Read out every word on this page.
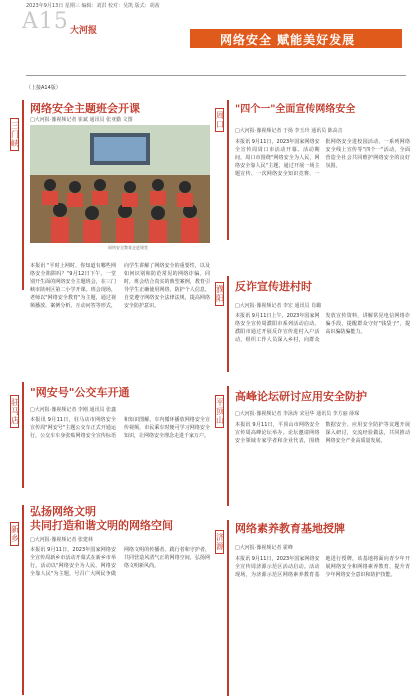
2023年9月13日 星期三 编辑：刘洪 校对：吴凯 版式：胡茜
A15 大河报
网络安全 赋能美好发展
（上接A14版）
三门峡
网络安全主题班会开课
□大河报·豫视频记者 崔斌 通讯员 张亚勤 文图
网络安全教育走进课堂
本报讯 "平时上网时，你知道有哪些网络安全陷阱吗？"9月12日下午，一堂别开生面的网络安全主题班会，在三门峡市陕州区第二小学开课。班会现场，老师以"网络安全教育"为主题，通过视频播放、案例分析、互动问答等形式，向学生讲解了网络安全的重要性，以及如何识别和防范常见的网络诈骗。同时，班会结合真实的典型案例，教育引导学生正确使用网络，防护个人信息，自觉遵守网络安全法律法规，提高网络安全防护意识。
周口
"四个一"全面宣传网络安全
□大河报·豫视频记者 于扬 李玉玲 通讯员 陈高音
本报讯 9月11日，2023年国家网络安全宣传周周口市活动开幕。活动期间，周口市围绕"网络安全为人民，网络安全靠人民"主题，通过开展一场主题宣传、一次网络安全知识竞赛、一批网络安全进校园活动、一系列网络安全线上宣传等"四个一"活动，全面营造全社会共同维护网络安全的良好氛围。
濮阳
反诈宣传进村时
□大河报·豫视频记者 李宏 通讯员 肖璐
本报讯 9月11日上午，2023年国家网络安全宣传周濮阳市系列活动启动。濮阳市通过开展反诈宣传进村入户活动，组织工作人员深入乡村，向群众发放宣传资料，讲解常见电信网络诈骗手段，提醒群众守好"钱袋子"，提高识骗防骗能力。
驻马店
"网安号"公交车开通
□大河报·豫视频记者 李刚 通讯员 张鑫
本报讯 9月11日，驻马店市网络安全宣传周"网安号"主题公交车正式开通运行。公交车车身张贴网络安全宣传标语和知识图解，车内循环播放网络安全宣传视频，市民乘车时便可学习网络安全知识，让网络安全理念走进千家万户。
平顶山
高峰论坛研讨应用安全防护
□大河报·豫视频记者 李泳涛 宋冠华 通讯员 李方丽 薛琛
本报讯 9月11日，平顶山市网络安全宣传周高峰论坛举办。论坛邀请网络安全领域专家学者和企业代表，围绕数据安全、应用安全防护等议题开展深入研讨，交流经验做法，共同推动网络安全产业高质量发展。
新乡
弘扬网络文明
共同打造和谐文明的网络空间
□大河报·豫视频记者 张建林
本报讯 9月11日，2023年国家网络安全宣传周新乡市活动开幕式在新乡市举行。活动以"网络安全为人民，网络安全靠人民"为主题，号召广大网民争做网络文明的传播者、践行者和守护者，共同营造风清气正的网络空间，弘扬网络文明新风尚。
济源
网络素养教育基地授牌
□大河报·豫视频记者 霍峰
本报讯 9月11日，2023年国家网络安全宣传周济源示范区活动启动。活动现场，为济源示范区网络素养教育基地进行授牌，该基地将面向青少年开展网络安全和网络素养教育，提升青少年网络安全意识和防护技能。
